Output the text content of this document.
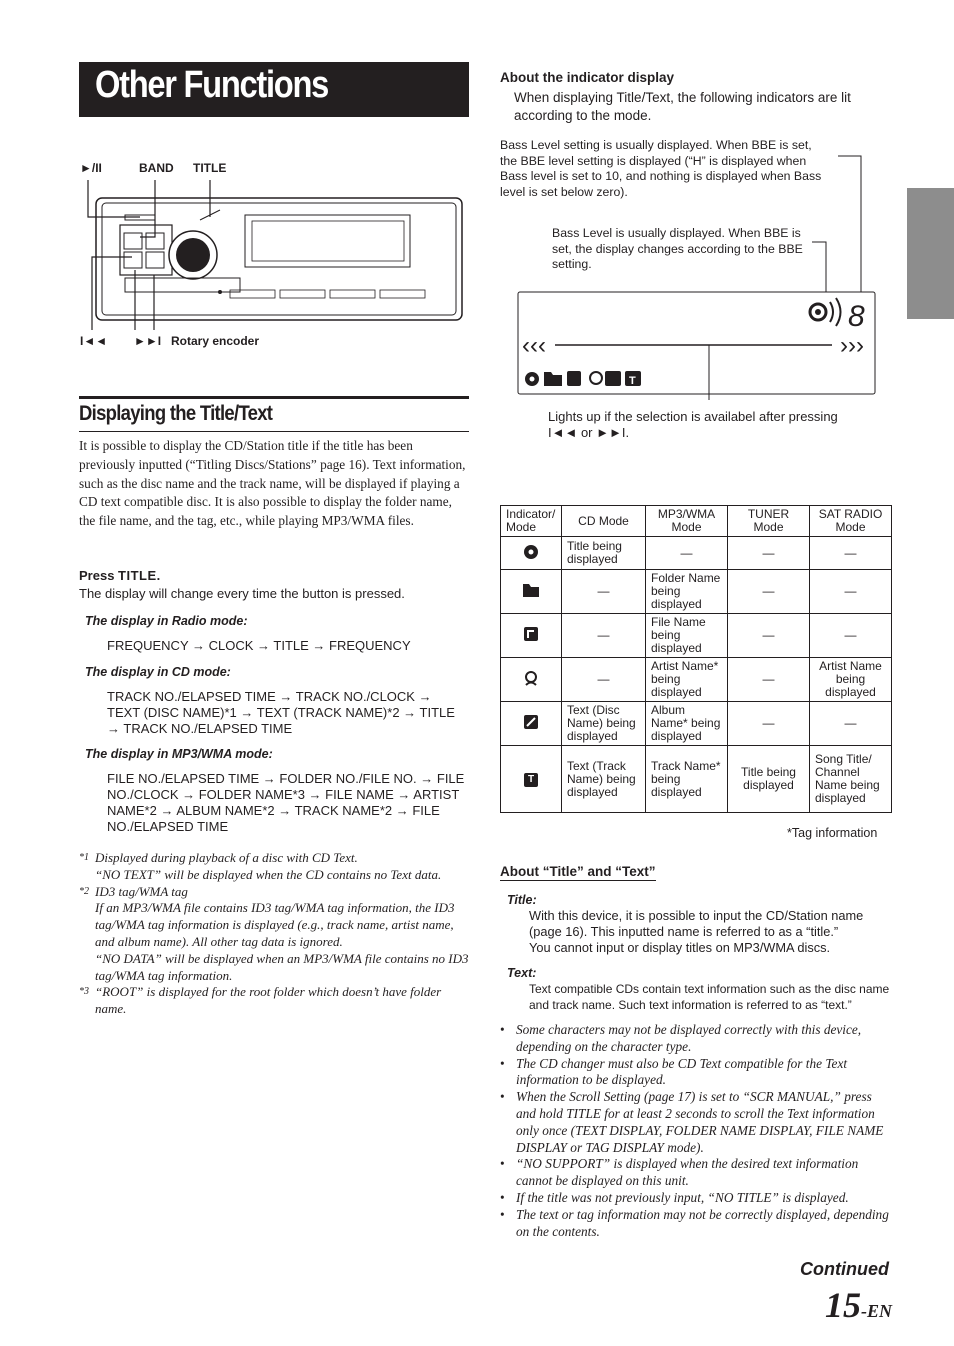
Other Functions
►/II	BAND TITLE
I◄◄ ►►I Rotary encoder
Displaying the Title/Text
It is possible to display the CD/Station title if the title has been previously inputted (“Titling Discs/Stations” page 16). Text information, such as the disc name and the track name, will be displayed if playing a CD text compatible disc. It is also possible to display the folder name, the file name, and the tag, etc., while playing MP3/WMA files.
Press TITLE.
The display will change every time the button is pressed.
The display in Radio mode:
FREQUENCY → CLOCK → TITLE → FREQUENCY
The display in CD mode:
TRACK NO./ELAPSED TIME → TRACK NO./CLOCK → TEXT (DISC NAME)*1 → TEXT (TRACK NAME)*2 → TITLE → TRACK NO./ELAPSED TIME
The display in MP3/WMA mode:
FILE NO./ELAPSED TIME → FOLDER NO./FILE NO. → FILE NO./CLOCK → FOLDER NAME*3 → FILE NAME → ARTIST NAME*2 → ALBUM NAME*2 → TRACK NAME*2 → FILE NO./ELAPSED TIME
*1 Displayed during playback of a disc with CD Text.
“NO TEXT” will be displayed when the CD contains no Text data.
*2 ID3 tag/WMA tag
If an MP3/WMA file contains ID3 tag/WMA tag information, the ID3 tag/WMA tag information is displayed (e.g., track name, artist name, and album name). All other tag data is ignored.
“NO DATA” will be displayed when an MP3/WMA file contains no ID3 tag/WMA tag information.
*3 “ROOT” is displayed for the root folder which doesn’t have folder name.
About the indicator display
When displaying Title/Text, the following indicators are lit according to the mode.
Bass Level setting is usually displayed. When BBE is set, the BBE level setting is displayed (“H” is displayed when Bass level is set to 10, and nothing is displayed when Bass level is set below zero).
Bass Level is usually displayed. When BBE is set, the display changes according to the BBE setting.
8
‹‹‹	›››
T
Lights up if the selection is availabel after pressing
I◄◄ or ►►I.
Indicator/ Mode	CD Mode	MP3/WMA Mode	TUNER Mode	SAT RADIO Mode
	Title being displayed	—	—	—
	—	Folder Name being displayed	—	—
	—	File Name being displayed	—	—
	—	Artist Name* being displayed	—	Artist Name being displayed
	Text (Disc Name) being displayed	Album Name* being displayed	—	—
T	Text (Track Name) being displayed	Track Name* being displayed	Title being displayed	Song Title/ Channel Name being displayed
*Tag information
About “Title” and “Text”
Title:
With this device, it is possible to input the CD/Station name (page 16). This inputted name is referred to as a “title.”
You cannot input or display titles on MP3/WMA discs.
Text:
Text compatible CDs contain text information such as the disc name and track name. Such text information is referred to as “text.”
• Some characters may not be displayed correctly with this device, depending on the character type.
• The CD changer must also be CD Text compatible for the Text information to be displayed.
• When the Scroll Setting (page 17) is set to “SCR MANUAL,” press and hold TITLE for at least 2 seconds to scroll the Text information only once (TEXT DISPLAY, FOLDER NAME DISPLAY, FILE NAME DISPLAY or TAG DISPLAY mode).
• “NO SUPPORT” is displayed when the desired text information cannot be displayed on this unit.
• If the title was not previously input, “NO TITLE” is displayed.
• The text or tag information may not be correctly displayed, depending on the contents.
Continued
15-EN
